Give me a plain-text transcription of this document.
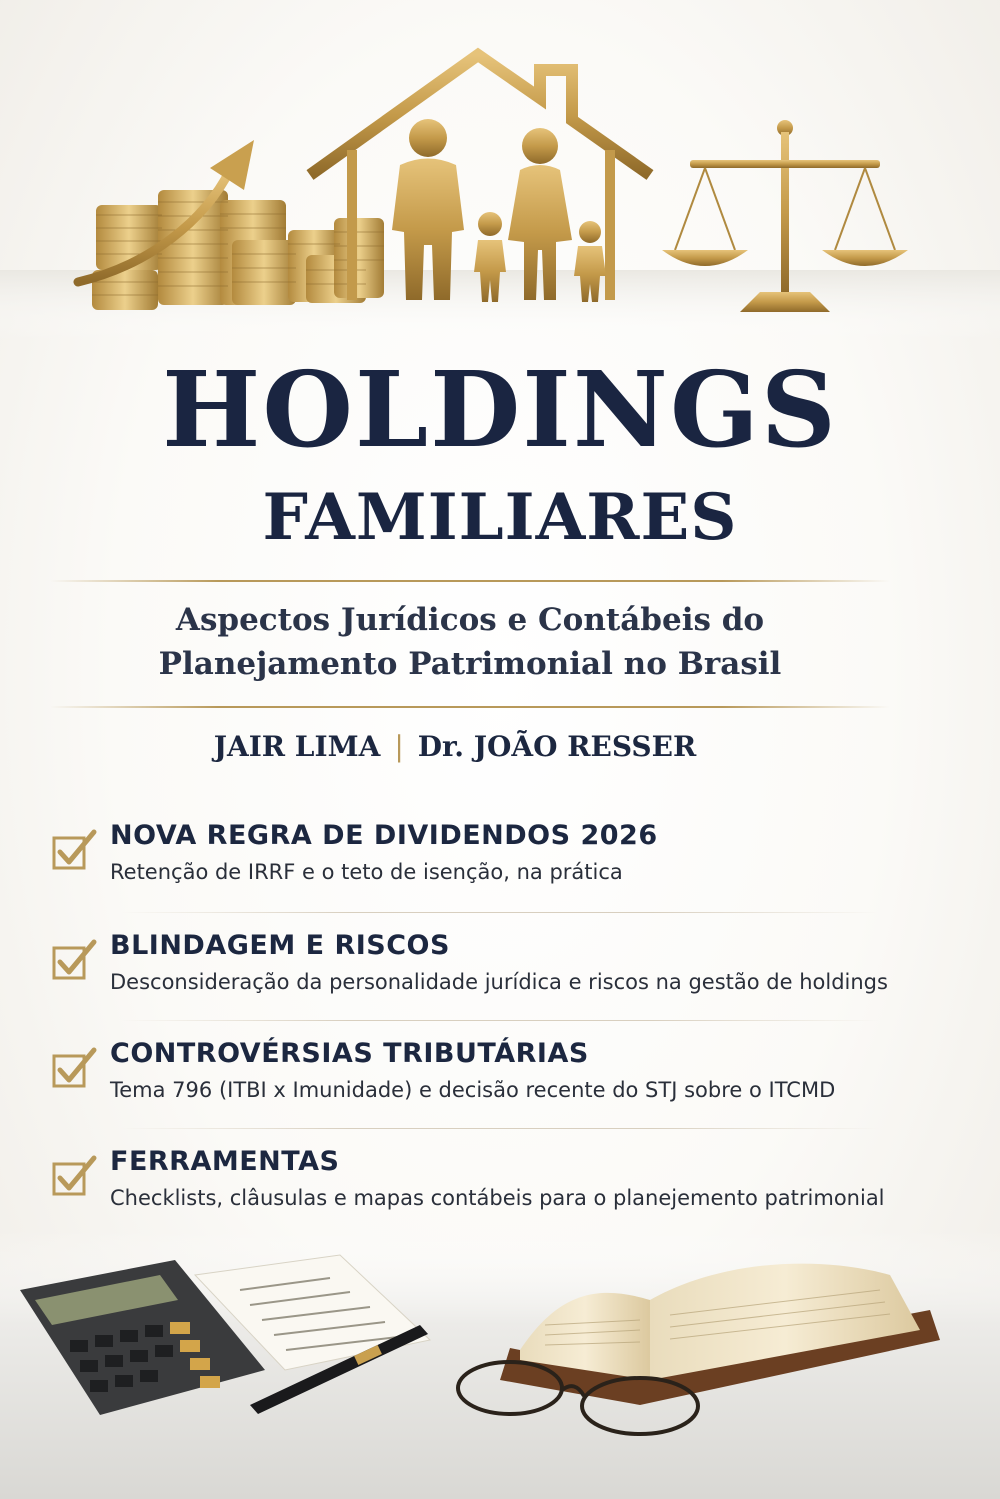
HOLDINGS
FAMILIARES
Aspectos Jurídicos e Contábeis do
Planejamento Patrimonial no Brasil
JAIR LIMA | Dr. JOÃO RESSER
NOVA REGRA DE DIVIDENDOS 2026
Retenção de IRRF e o teto de isenção, na prática
BLINDAGEM E RISCOS
Desconsideração da personalidade jurídica e riscos na gestão de holdings
CONTROVÉRSIAS TRIBUTÁRIAS
Tema 796 (ITBI x Imunidade) e decisão recente do STJ sobre o ITCMD
FERRAMENTAS
Checklists, clâusulas e mapas contábeis para o planejemento patrimonial
